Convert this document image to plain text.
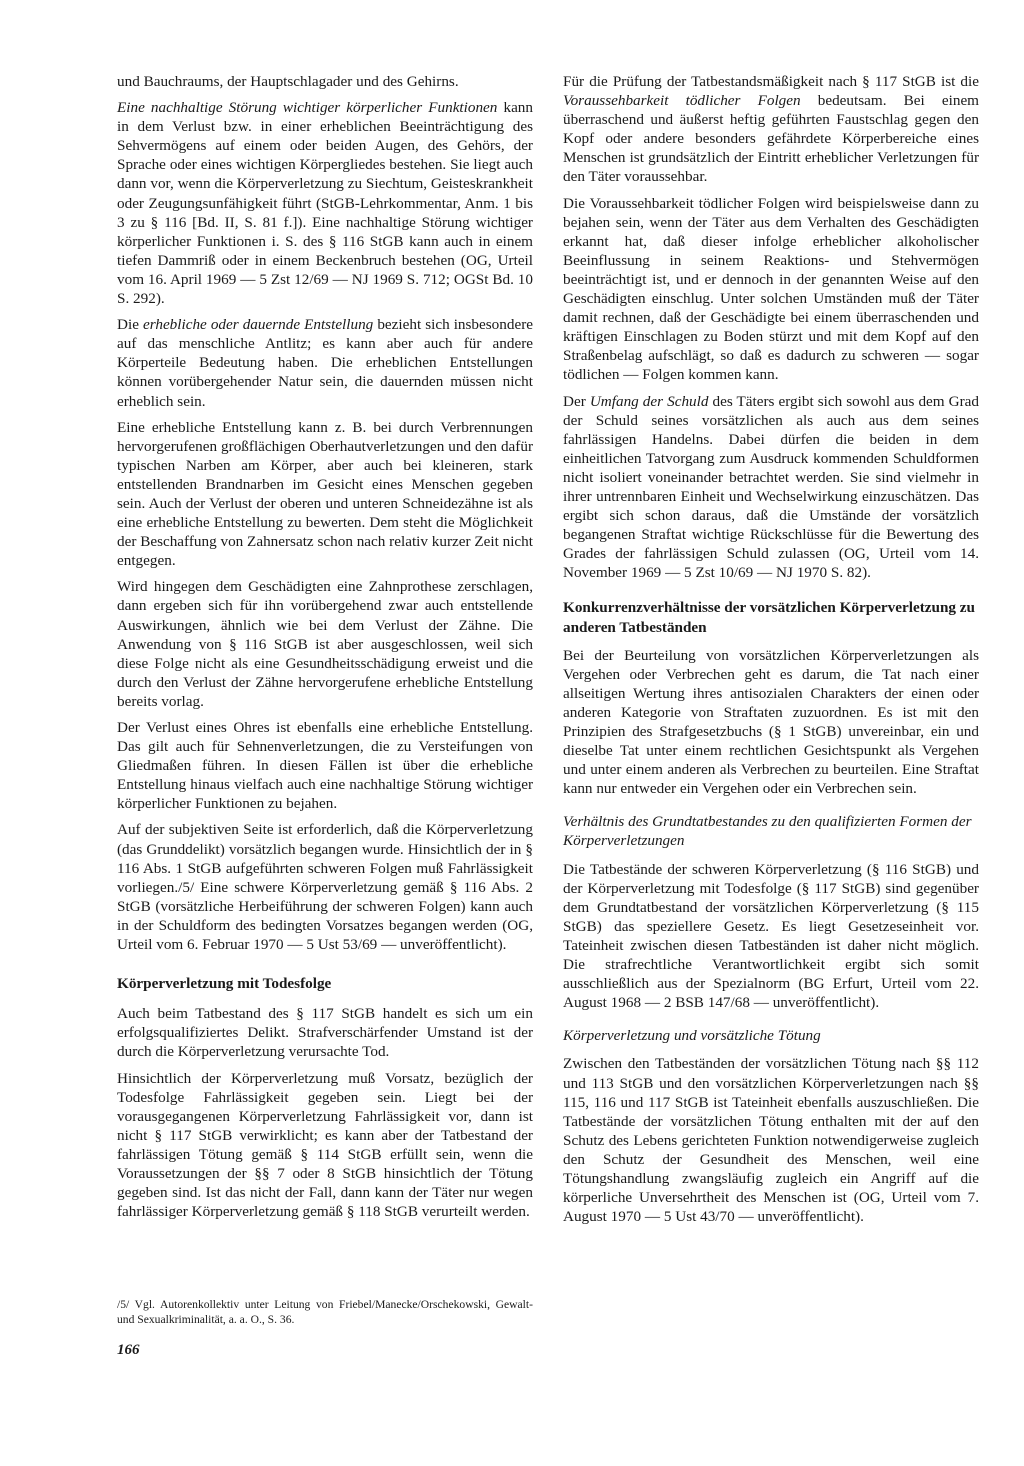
und Bauchraums, der Hauptschlagader und des Gehirns.

Eine nachhaltige Störung wichtiger körperlicher Funktionen kann in dem Verlust bzw. in einer erheblichen Beeinträchtigung des Sehvermögens auf einem oder beiden Augen, des Gehörs, der Sprache oder eines wichtigen Körpergliedes bestehen. Sie liegt auch dann vor, wenn die Körperverletzung zu Siechtum, Geisteskrankheit oder Zeugungsunfähigkeit führt (StGB-Lehrkommentar, Anm. 1 bis 3 zu § 116 [Bd. II, S. 81 f.]). Eine nachhaltige Störung wichtiger körperlicher Funktionen i. S. des § 116 StGB kann auch in einem tiefen Dammriß oder in einem Beckenbruch bestehen (OG, Urteil vom 16. April 1969 — 5 Zst 12/69 — NJ 1969 S. 712; OGSt Bd. 10 S. 292).

Die erhebliche oder dauernde Entstellung bezieht sich insbesondere auf das menschliche Antlitz; es kann aber auch für andere Körperteile Bedeutung haben. Die erheblichen Entstellungen können vorübergehender Natur sein, die dauernden müssen nicht erheblich sein.

Eine erhebliche Entstellung kann z. B. bei durch Verbrennungen hervorgerufenen großflächigen Oberhautverletzungen und den dafür typischen Narben am Körper, aber auch bei kleineren, stark entstellenden Brandnarben im Gesicht eines Menschen gegeben sein. Auch der Verlust der oberen und unteren Schneidezähne ist als eine erhebliche Entstellung zu bewerten. Dem steht die Möglichkeit der Beschaffung von Zahnersatz schon nach relativ kurzer Zeit nicht entgegen.

Wird hingegen dem Geschädigten eine Zahnprothese zerschlagen, dann ergeben sich für ihn vorübergehend zwar auch entstellende Auswirkungen, ähnlich wie bei dem Verlust der Zähne. Die Anwendung von § 116 StGB ist aber ausgeschlossen, weil sich diese Folge nicht als eine Gesundheitsschädigung erweist und die durch den Verlust der Zähne hervorgerufene erhebliche Entstellung bereits vorlag.

Der Verlust eines Ohres ist ebenfalls eine erhebliche Entstellung. Das gilt auch für Sehnenverletzungen, die zu Versteifungen von Gliedmaßen führen. In diesen Fällen ist über die erhebliche Entstellung hinaus vielfach auch eine nachhaltige Störung wichtiger körperlicher Funktionen zu bejahen.

Auf der subjektiven Seite ist erforderlich, daß die Körperverletzung (das Grunddelikt) vorsätzlich begangen wurde. Hinsichtlich der in § 116 Abs. 1 StGB aufgeführten schweren Folgen muß Fahrlässigkeit vorliegen./5/ Eine schwere Körperverletzung gemäß § 116 Abs. 2 StGB (vorsätzliche Herbeiführung der schweren Folgen) kann auch in der Schuldform des bedingten Vorsatzes begangen werden (OG, Urteil vom 6. Februar 1970 — 5 Ust 53/69 — unveröffentlicht).

Körperverletzung mit Todesfolge

Auch beim Tatbestand des § 117 StGB handelt es sich um ein erfolgsqualifiziertes Delikt. Strafverschärfender Umstand ist der durch die Körperverletzung verursachte Tod.

Hinsichtlich der Körperverletzung muß Vorsatz, bezüglich der Todesfolge Fahrlässigkeit gegeben sein. Liegt bei der vorausgegangenen Körperverletzung Fahrlässigkeit vor, dann ist nicht § 117 StGB verwirklicht; es kann aber der Tatbestand der fahrlässigen Tötung gemäß § 114 StGB erfüllt sein, wenn die Voraussetzungen der §§ 7 oder 8 StGB hinsichtlich der Tötung gegeben sind. Ist das nicht der Fall, dann kann der Täter nur wegen fahrlässiger Körperverletzung gemäß § 118 StGB verurteilt werden.

Für die Prüfung der Tatbestandsmäßigkeit nach § 117 StGB ist die Voraussehbarkeit tödlicher Folgen bedeutsam. Bei einem überraschend und äußerst heftig geführten Faustschlag gegen den Kopf oder andere besonders gefährdete Körperbereiche eines Menschen ist grundsätzlich der Eintritt erheblicher Verletzungen für den Täter voraussehbar.

Die Voraussehbarkeit tödlicher Folgen wird beispielsweise dann zu bejahen sein, wenn der Täter aus dem Verhalten des Geschädigten erkannt hat, daß dieser infolge erheblicher alkoholischer Beeinflussung in seinem Reaktions- und Stehvermögen beeinträchtigt ist, und er dennoch in der genannten Weise auf den Geschädigten einschlug. Unter solchen Umständen muß der Täter damit rechnen, daß der Geschädigte bei einem überraschenden und kräftigen Einschlagen zu Boden stürzt und mit dem Kopf auf den Straßenbelag aufschlägt, so daß es dadurch zu schweren — sogar tödlichen — Folgen kommen kann.

Der Umfang der Schuld des Täters ergibt sich sowohl aus dem Grad der Schuld seines vorsätzlichen als auch aus dem seines fahrlässigen Handelns. Dabei dürfen die beiden in dem einheitlichen Tatvorgang zum Ausdruck kommenden Schuldformen nicht isoliert voneinander betrachtet werden. Sie sind vielmehr in ihrer untrennbaren Einheit und Wechselwirkung einzuschätzen. Das ergibt sich schon daraus, daß die Umstände der vorsätzlich begangenen Straftat wichtige Rückschlüsse für die Bewertung des Grades der fahrlässigen Schuld zulassen (OG, Urteil vom 14. November 1969 — 5 Zst 10/69 — NJ 1970 S. 82).

Konkurrenzverhältnisse der vorsätzlichen Körperverletzung zu anderen Tatbeständen

Bei der Beurteilung von vorsätzlichen Körperverletzungen als Vergehen oder Verbrechen geht es darum, die Tat nach einer allseitigen Wertung ihres antisozialen Charakters der einen oder anderen Kategorie von Straftaten zuzuordnen. Es ist mit den Prinzipien des Strafgesetzbuchs (§ 1 StGB) unvereinbar, ein und dieselbe Tat unter einem rechtlichen Gesichtspunkt als Vergehen und unter einem anderen als Verbrechen zu beurteilen. Eine Straftat kann nur entweder ein Vergehen oder ein Verbrechen sein.

Verhältnis des Grundtatbestandes zu den qualifizierten Formen der Körperverletzungen

Die Tatbestände der schweren Körperverletzung (§ 116 StGB) und der Körperverletzung mit Todesfolge (§ 117 StGB) sind gegenüber dem Grundtatbestand der vorsätzlichen Körperverletzung (§ 115 StGB) das speziellere Gesetz. Es liegt Gesetzeseinheit vor. Tateinheit zwischen diesen Tatbeständen ist daher nicht möglich. Die strafrechtliche Verantwortlichkeit ergibt sich somit ausschließlich aus der Spezialnorm (BG Erfurt, Urteil vom 22. August 1968 — 2 BSB 147/68 — unveröffentlicht).

Körperverletzung und vorsätzliche Tötung

Zwischen den Tatbeständen der vorsätzlichen Tötung nach §§ 112 und 113 StGB und den vorsätzlichen Körperverletzungen nach §§ 115, 116 und 117 StGB ist Tateinheit ebenfalls auszuschließen. Die Tatbestände der vorsätzlichen Tötung enthalten mit der auf den Schutz des Lebens gerichteten Funktion notwendigerweise zugleich den Schutz der Gesundheit des Menschen, weil eine Tötungshandlung zwangsläufig zugleich ein Angriff auf die körperliche Unversehrtheit des Menschen ist (OG, Urteil vom 7. August 1970 — 5 Ust 43/70 — unveröffentlicht).

/5/ Vgl. Autorenkollektiv unter Leitung von Friebel/Manecke/Orschekowski, Gewalt- und Sexualkriminalität, a. a. O., S. 36.

166
